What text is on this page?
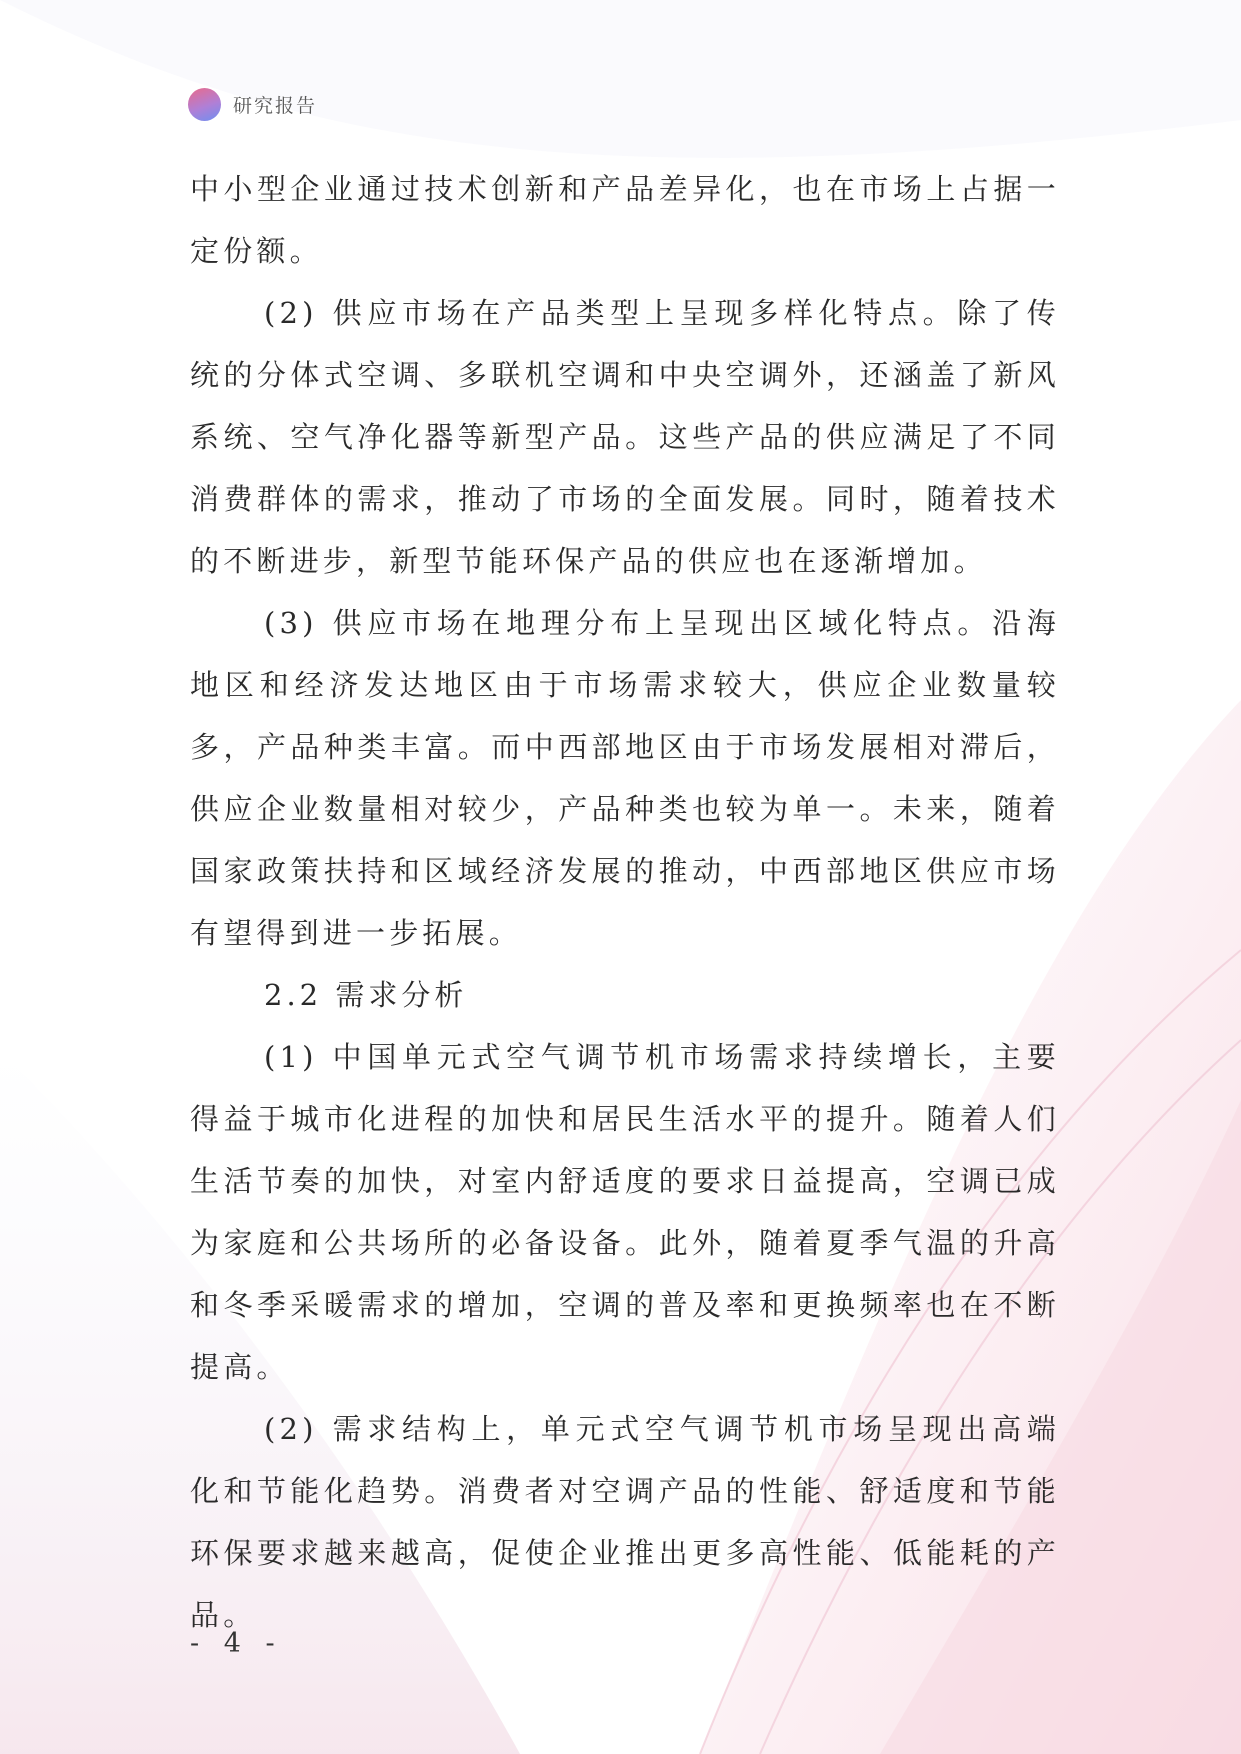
研究报告

中小型企业通过技术创新和产品差异化，也在市场上占据一定份额。

(2) 供应市场在产品类型上呈现多样化特点。除了传统的分体式空调、多联机空调和中央空调外，还涵盖了新风系统、空气净化器等新型产品。这些产品的供应满足了不同消费群体的需求，推动了市场的全面发展。同时，随着技术的不断进步，新型节能环保产品的供应也在逐渐增加。

(3) 供应市场在地理分布上呈现出区域化特点。沿海地区和经济发达地区由于市场需求较大，供应企业数量较多，产品种类丰富。而中西部地区由于市场发展相对滞后，供应企业数量相对较少，产品种类也较为单一。未来，随着国家政策扶持和区域经济发展的推动，中西部地区供应市场有望得到进一步拓展。

2.2 需求分析

(1) 中国单元式空气调节机市场需求持续增长，主要得益于城市化进程的加快和居民生活水平的提升。随着人们生活节奏的加快，对室内舒适度的要求日益提高，空调已成为家庭和公共场所的必备设备。此外，随着夏季气温的升高和冬季采暖需求的增加，空调的普及率和更换频率也在不断提高。

(2) 需求结构上，单元式空气调节机市场呈现出高端化和节能化趋势。消费者对空调产品的性能、舒适度和节能环保要求越来越高，促使企业推出更多高性能、低能耗的产品。

- 4 -
